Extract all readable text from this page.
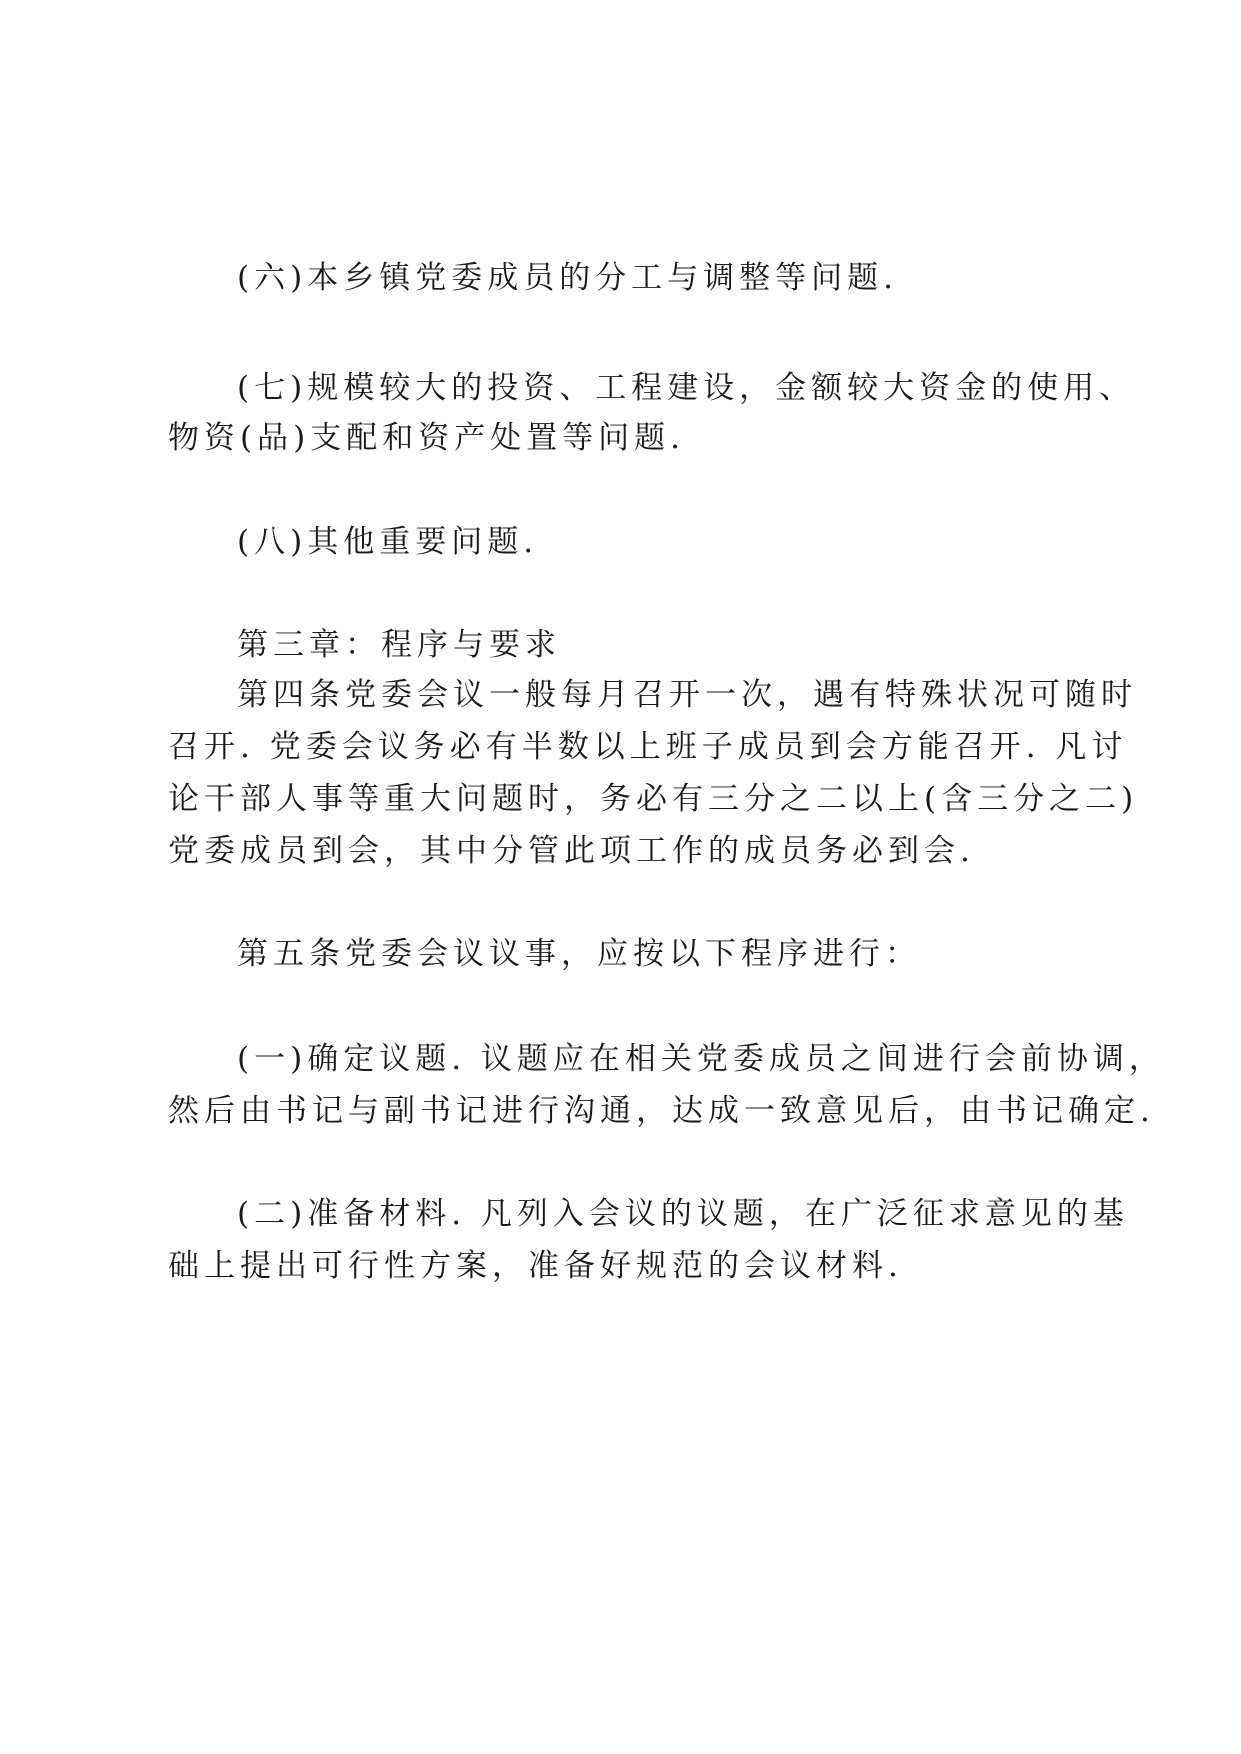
(六)本乡镇党委成员的分工与调整等问题.
(七)规模较大的投资、工程建设，金额较大资金的使用、
物资(品)支配和资产处置等问题.
(八)其他重要问题.
第三章：程序与要求
第四条党委会议一般每月召开一次，遇有特殊状况可随时
召开. 党委会议务必有半数以上班子成员到会方能召开. 凡讨
论干部人事等重大问题时，务必有三分之二以上(含三分之二)
党委成员到会，其中分管此项工作的成员务必到会.
第五条党委会议议事，应按以下程序进行：
(一)确定议题. 议题应在相关党委成员之间进行会前协调，
然后由书记与副书记进行沟通，达成一致意见后，由书记确定.
(二)准备材料. 凡列入会议的议题，在广泛征求意见的基
础上提出可行性方案，准备好规范的会议材料.
